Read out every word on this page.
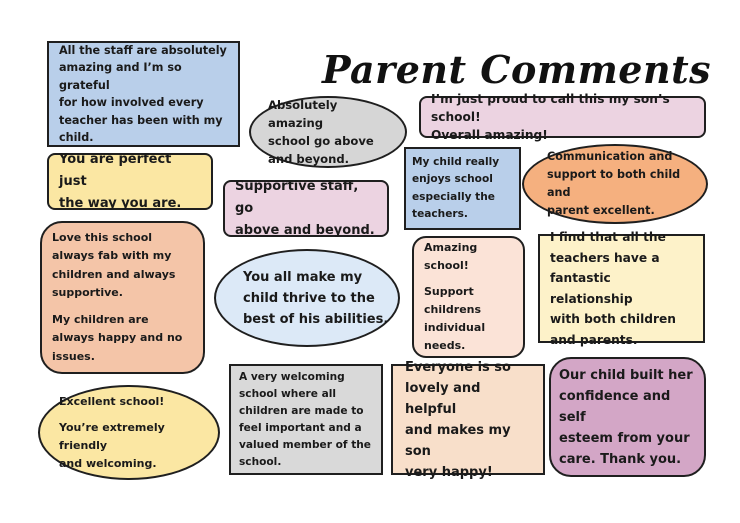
Parent Comments
All the staff are absolutely
amazing and I’m so grateful
for how involved every
teacher has been with my
child.
Absolutely amazing
school go above
and beyond.
I’m just proud to call this my son’s school!
Overall amazing!
You are perfect just
the way you are.
Supportive staff, go
above and beyond.
My child really
enjoys school
especially the
teachers.
Communication and
support to both child and
parent excellent.
Love this school
always fab with my
children and always
supportive.
My children are
always happy and no
issues.
You all make my
child thrive to the
best of his abilities.
Amazing
school!
Support
childrens
individual
needs.
I find that all the
teachers have a
fantastic relationship
with both children
and parents.
Excellent school!
You’re extremely friendly
and welcoming.
A very welcoming
school where all
children are made to
feel important and a
valued member of the
school.
Everyone is so
lovely and helpful
and makes my son
very happy!
Our child built her
confidence and self
esteem from your
care. Thank you.
